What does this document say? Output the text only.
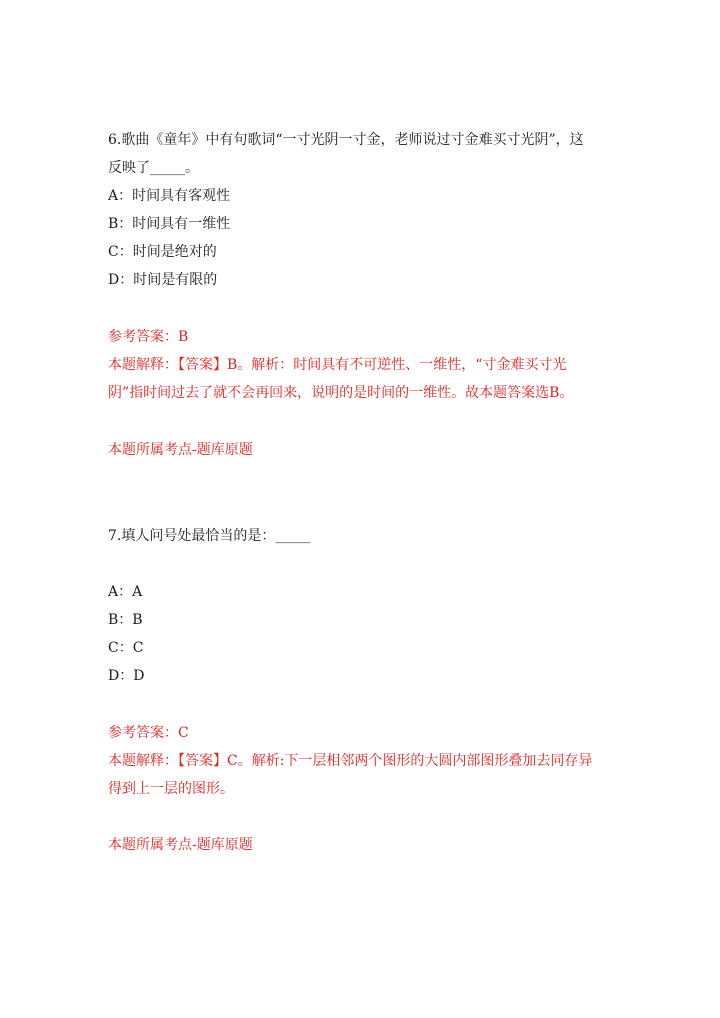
6.歌曲《童年》中有句歌词“一寸光阴一寸金，老师说过寸金难买寸光阴”，这
反映了_____。
A：时间具有客观性
B：时间具有一维性
C：时间是绝对的
D：时间是有限的
参考答案：B
本题解释：【答案】B。解析：时间具有不可逆性、一维性，“寸金难买寸光
阴”指时间过去了就不会再回来，说明的是时间的一维性。故本题答案选B。
本题所属考点-题库原题
7.填人问号处最恰当的是：_____
A：A
B：B
C：C
D：D
参考答案：C
本题解释：【答案】C。解析:下一层相邻两个图形的大圆内部图形叠加去同存异
得到上一层的图形。
本题所属考点-题库原题
